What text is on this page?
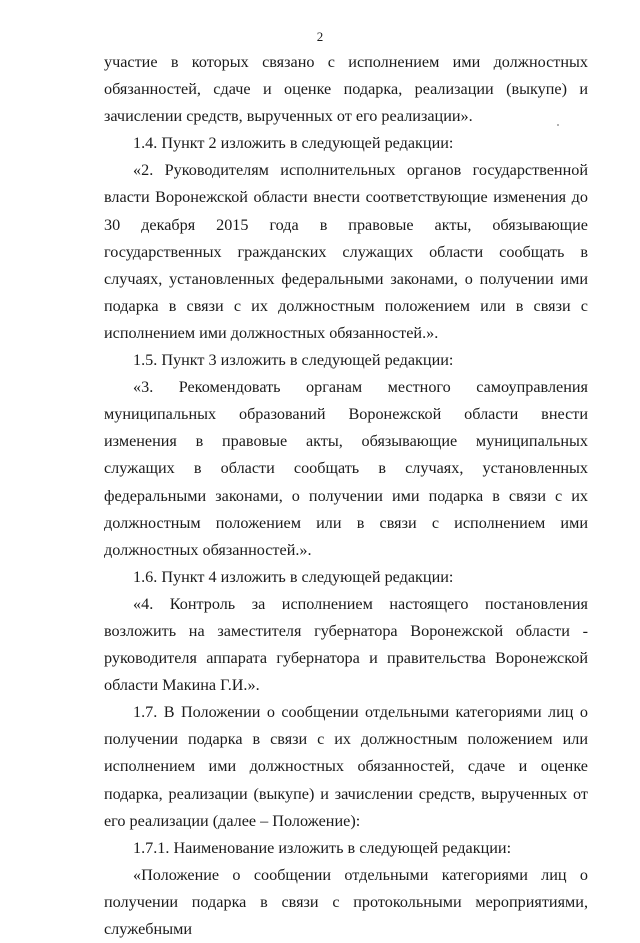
2

участие в которых связано с исполнением ими должностных обязанностей, сдаче и оценке подарка, реализации (выкупе) и зачислении средств, вырученных от его реализации».

1.4. Пункт 2 изложить в следующей редакции:

«2. Руководителям исполнительных органов государственной власти Воронежской области внести соответствующие изменения до 30 декабря 2015 года в правовые акты, обязывающие государственных гражданских служащих области сообщать в случаях, установленных федеральными законами, о получении ими подарка в связи с их должностным положением или в связи с исполнением ими должностных обязанностей.».

1.5. Пункт 3 изложить в следующей редакции:

«3. Рекомендовать органам местного самоуправления муниципальных образований Воронежской области внести изменения в правовые акты, обязывающие муниципальных служащих в области сообщать в случаях, установленных федеральными законами, о получении ими подарка в связи с их должностным положением или в связи с исполнением ими должностных обязанностей.».

1.6. Пункт 4 изложить в следующей редакции:

«4. Контроль за исполнением настоящего постановления возложить на заместителя губернатора Воронежской области - руководителя аппарата губернатора и правительства Воронежской области Макина Г.И.».

1.7. В Положении о сообщении отдельными категориями лиц о получении подарка в связи с их должностным положением или исполнением ими должностных обязанностей, сдаче и оценке подарка, реализации (выкупе) и зачислении средств, вырученных от его реализации (далее – Положение):

1.7.1. Наименование изложить в следующей редакции:

«Положение о сообщении отдельными категориями лиц о получении подарка в связи с протокольными мероприятиями, служебными
